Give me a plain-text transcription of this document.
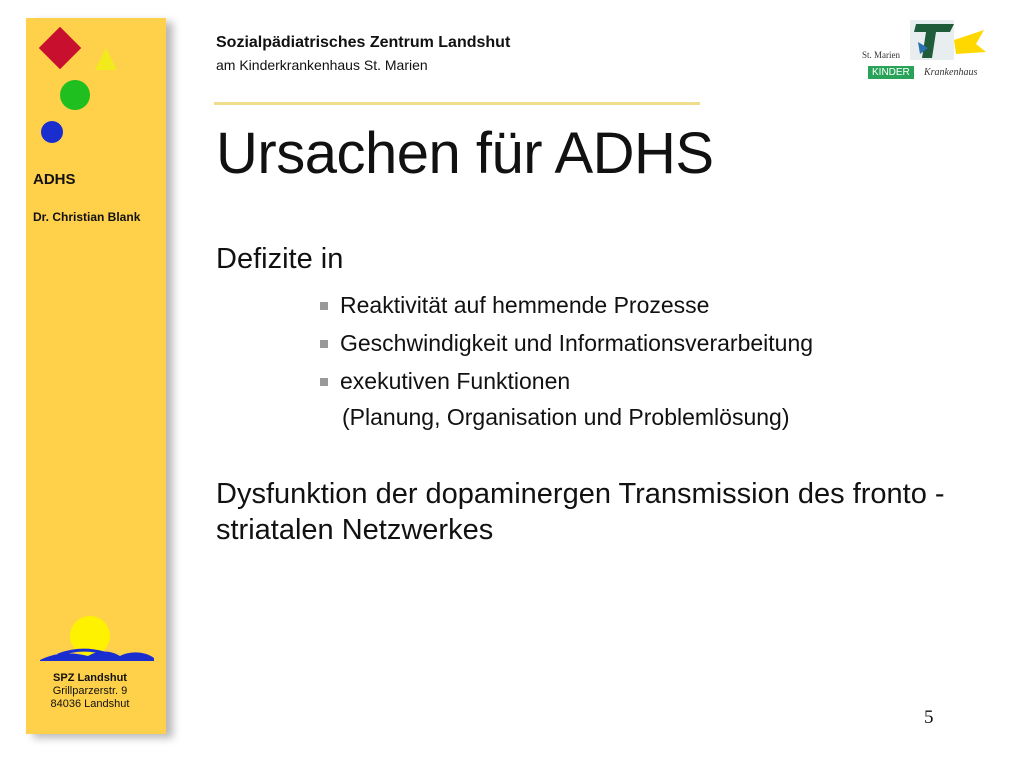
ADHS
Dr. Christian Blank
SPZ Landshut
Grillparzerstr. 9
84036 Landshut
Sozialpädiatrisches Zentrum Landshut
am Kinderkrankenhaus St. Marien
St. Marien
KINDER	Krankenhaus
Ursachen für ADHS
Defizite in
Reaktivität auf hemmende Prozesse
Geschwindigkeit und Informationsverarbeitung
exekutiven Funktionen
(Planung, Organisation und Problemlösung)
Dysfunktion der dopaminergen Transmission des fronto - striatalen Netzwerkes
5
